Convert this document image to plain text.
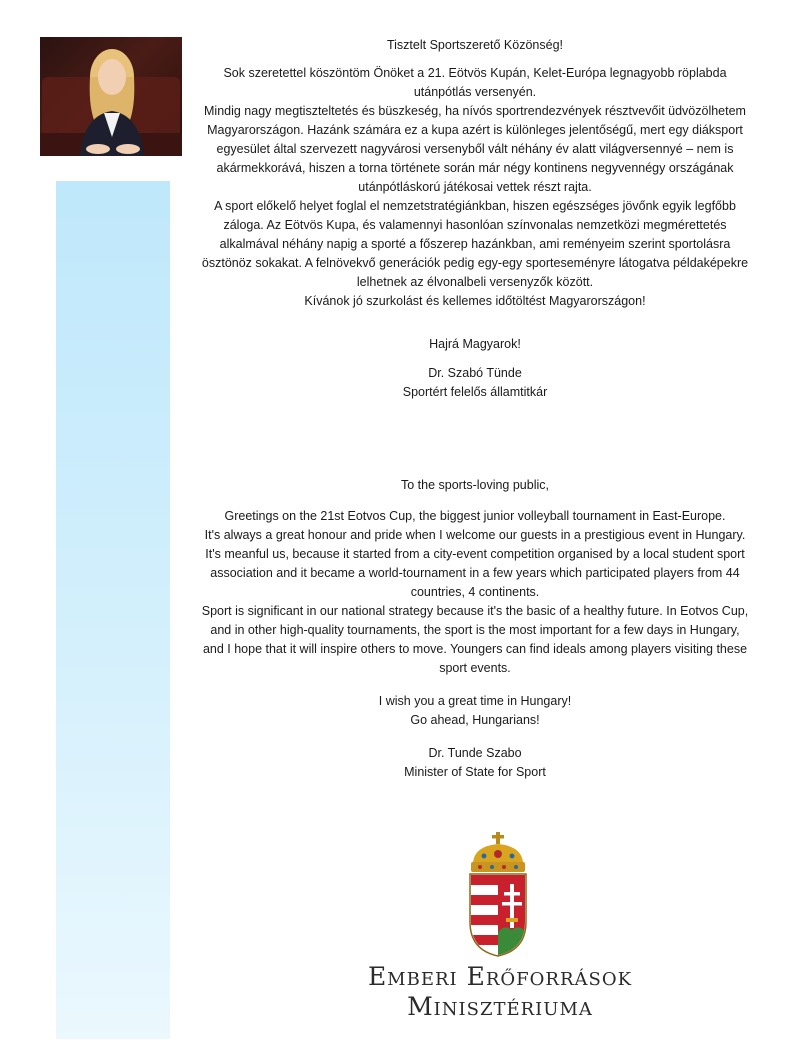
Tisztelt Sportszerető Közönség!

Sok szeretettel köszöntöm Önöket a 21. Eötvös Kupán, Kelet-Európa legnagyobb röplabda utánpótlás versenyén.

Mindig nagy megtiszteltetés és büszkeség, ha nívós sportrendezvények résztvevőit üdvözölhetem Magyarországon. Hazánk számára ez a kupa azért is különleges jelentőségű, mert egy diáksport egyesület által szervezett nagyvárosi versenyből vált néhány év alatt világversennyé – nem is akármekkorává, hiszen a torna története során már négy kontinens negyvennégy országának utánpótláskorú játékosai vettek részt rajta.

A sport előkelő helyet foglal el nemzetstratégiánkban, hiszen egészséges jövőnk egyik legfőbb záloga. Az Eötvös Kupa, és valamennyi hasonlóan színvonalas nemzetközi megmérettetés alkalmával néhány napig a sporté a főszerep hazánkban, ami reményeim szerint sportolásra ösztönöz sokakat. A felnövekvő generációk pedig egy-egy sporteseményre látogatva példaképekre lelhetnek az élvonalbeli versenyzők között.

Kívánok jó szurkolást és kellemes időtöltést Magyarországon!

Hajrá Magyarok!

Dr. Szabó Tünde

Sportért felelős államtitkár

To the sports-loving public,

Greetings on the 21st Eotvos Cup, the biggest junior volleyball tournament in East-Europe.

It's always a great honour and pride when I welcome our guests in a prestigious event in Hungary. It's meanful us, because it started from a city-event competition organised by a local student sport association and it became a world-tournament in a few years which participated players from 44 countries, 4 continents.

Sport is significant in our national strategy because it's the basic of a healthy future. In Eotvos Cup, and in other high-quality tournaments, the sport is the most important for a few days in Hungary, and I hope that it will inspire others to move. Youngers can find ideals among players visiting these sport events.

I wish you a great time in Hungary!

Go ahead, Hungarians!

Dr. Tunde Szabo

Minister of State for Sport

Emberi Erőforrások
Minisztériuma
